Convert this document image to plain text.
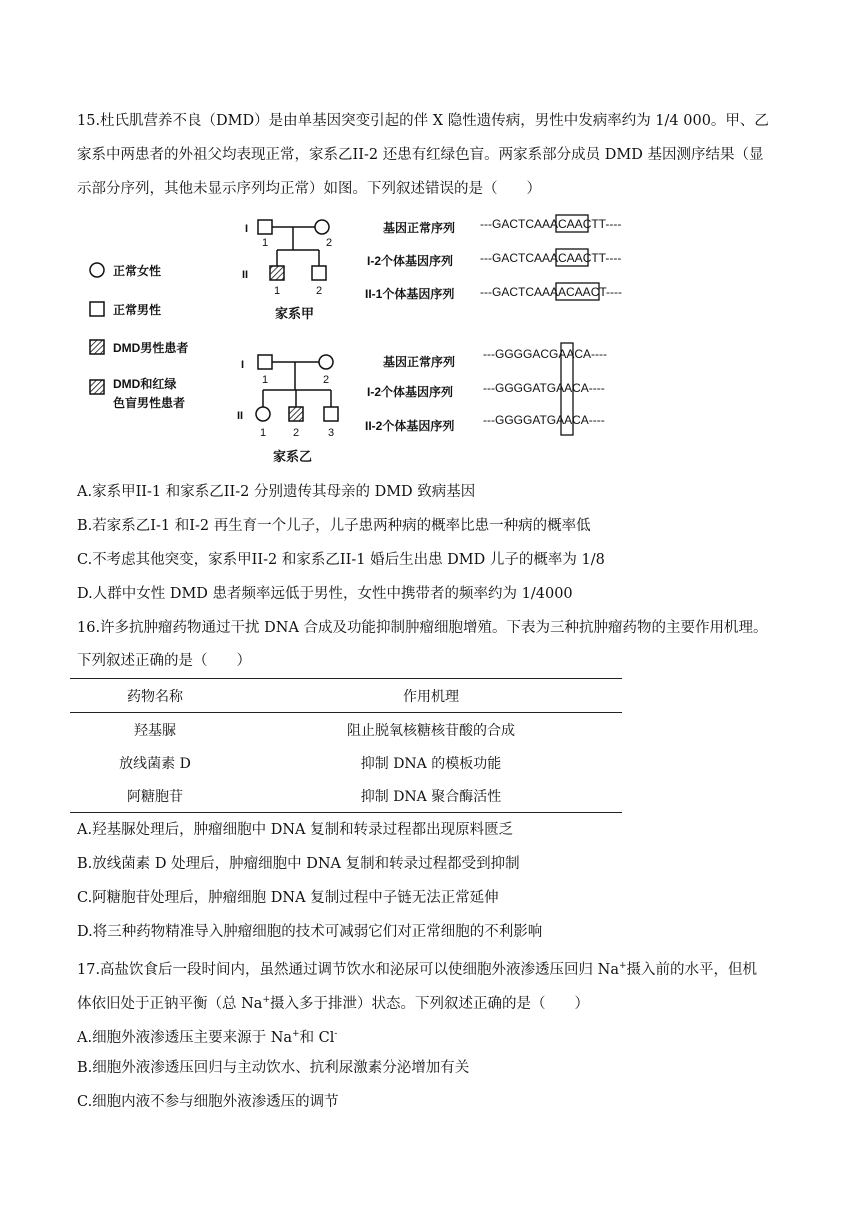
15.杜氏肌营养不良（DMD）是由单基因突变引起的伴 X 隐性遗传病，男性中发病率约为 1/4 000。甲、乙
家系中两患者的外祖父均表现正常，家系乙II-2 还患有红绿色盲。两家系部分成员 DMD 基因测序结果（显
示部分序列，其他未显示序列均正常）如图。下列叙述错误的是（　　）
正常女性
正常男性
DMD男性患者
DMD和红绿
色盲男性患者
I
II
1	2
1	2
家系甲
基因正常序列
I-2个体基因序列
II-1个体基因序列
---GACTCAAACAACTT----
---GACTCAAACAACTT----
---GACTCAAAACAACT----
I
II
1	2
1 2	3
家系乙
基因正常序列
I-2个体基因序列
II-2个体基因序列
---GGGGACGAACA----
---GGGGATGAACA----
---GGGGATGAACA----
A.家系甲II-1 和家系乙II-2 分别遗传其母亲的 DMD 致病基因
B.若家系乙I-1 和I-2 再生育一个儿子，儿子患两种病的概率比患一种病的概率低
C.不考虑其他突变，家系甲II-2 和家系乙II-1 婚后生出患 DMD 儿子的概率为 1/8
D.人群中女性 DMD 患者频率远低于男性，女性中携带者的频率约为 1/4000
16.许多抗肿瘤药物通过干扰 DNA 合成及功能抑制肿瘤细胞增殖。下表为三种抗肿瘤药物的主要作用机理。
下列叙述正确的是（　　）
药物名称	作用机理
羟基脲	阻止脱氧核糖核苷酸的合成
放线菌素 D	抑制 DNA 的模板功能
阿糖胞苷	抑制 DNA 聚合酶活性
A.羟基脲处理后，肿瘤细胞中 DNA 复制和转录过程都出现原料匮乏
B.放线菌素 D 处理后，肿瘤细胞中 DNA 复制和转录过程都受到抑制
C.阿糖胞苷处理后，肿瘤细胞 DNA 复制过程中子链无法正常延伸
D.将三种药物精准导入肿瘤细胞的技术可减弱它们对正常细胞的不利影响
17.高盐饮食后一段时间内，虽然通过调节饮水和泌尿可以使细胞外液渗透压回归 Na+摄入前的水平，但机
体依旧处于正钠平衡（总 Na+摄入多于排泄）状态。下列叙述正确的是（　　）
A.细胞外液渗透压主要来源于 Na+和 Cl-
B.细胞外液渗透压回归与主动饮水、抗利尿激素分泌增加有关
C.细胞内液不参与细胞外液渗透压的调节
